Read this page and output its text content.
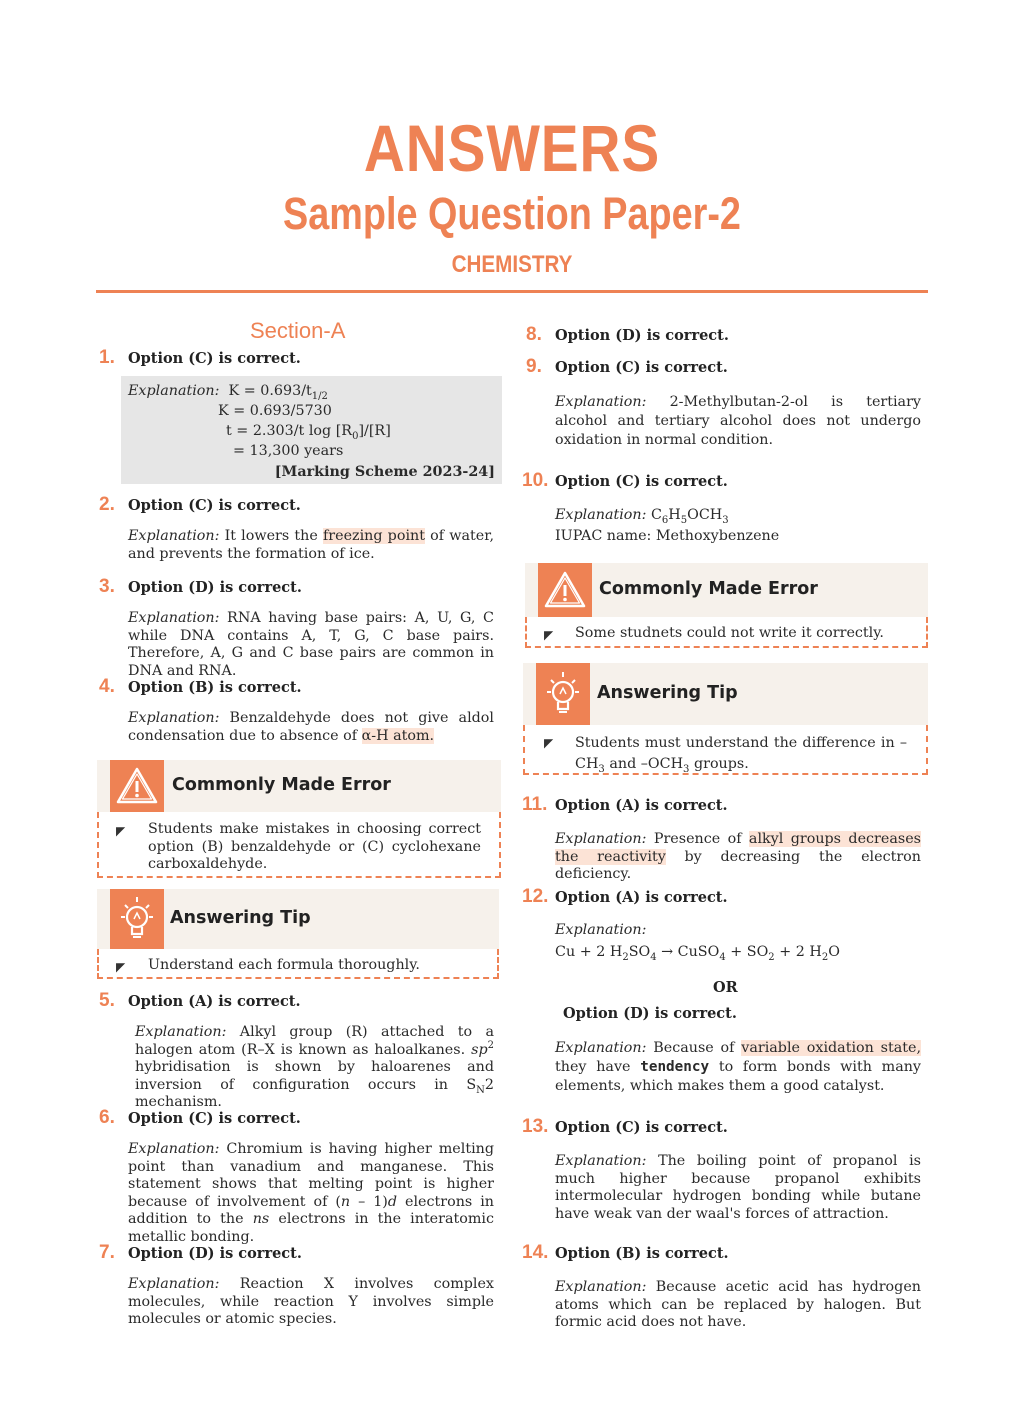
ANSWERS
Sample Question Paper-2
CHEMISTRY
Section-A
1. Option (C) is correct.
Explanation: $K = 0.693/t_{1/2}$
K = 0.693/5730
t = 2.303/t $\log [R_0]/[R]$
= 13,300 years
[Marking Scheme 2023-24]
2. Option (C) is correct.
Explanation: It lowers the freezing point of water, and prevents the formation of ice.
3. Option (D) is correct.
Explanation: RNA having base pairs: A, U, G, C while DNA contains A, T, G, C base pairs. Therefore, A, G and C base pairs are common in DNA and RNA.
4. Option (B) is correct.
Explanation: Benzaldehyde does not give aldol condensation due to absence of α-H atom.
Commonly Made Error
◤ Students make mistakes in choosing correct option (B) benzaldehyde or (C) cyclohexane carboxaldehyde.
Answering Tip
◤ Understand each formula thoroughly.
5. Option (A) is correct.
Explanation: Alkyl group (R) attached to a halogen atom (R–X is known as haloalkanes. $sp^2$ hybridisation is shown by haloarenes and inversion of configuration occurs in $S_N2$ mechanism.
6. Option (C) is correct.
Explanation: Chromium is having higher melting point than vanadium and manganese. This statement shows that melting point is higher because of involvement of (n – 1)d electrons in addition to the ns electrons in the interatomic metallic bonding.
7. Option (D) is correct.
Explanation: Reaction X involves complex molecules, while reaction Y involves simple molecules or atomic species.
8. Option (D) is correct.
9. Option (C) is correct.
Explanation: 2-Methylbutan-2-ol is tertiary alcohol and tertiary alcohol does not undergo oxidation in normal condition.
10. Option (C) is correct.
Explanation: $C_6H_5OCH_3$
IUPAC name: Methoxybenzene
Commonly Made Error
◤ Some studnets could not write it correctly.
Answering Tip
◤ Students must understand the difference in $-CH_3$ and $-OCH_3$ groups.
11. Option (A) is correct.
Explanation: Presence of alkyl groups decreases the reactivity by decreasing the electron deficiency.
12. Option (A) is correct.
Explanation:
Cu + 2 $H_2SO_4$ → CuSO$_4$ + $SO_2 + 2$ $H_2O$
OR
Option (D) is correct.
Explanation: Because of variable oxidation state, they have tendency to form bonds with many elements, which makes them a good catalyst.
13. Option (C) is correct.
Explanation: The boiling point of propanol is much higher because propanol exhibits intermolecular hydrogen bonding while butane have weak van der waal's forces of attraction.
14. Option (B) is correct.
Explanation: Because acetic acid has hydrogen atoms which can be replaced by halogen. But formic acid does not have.
